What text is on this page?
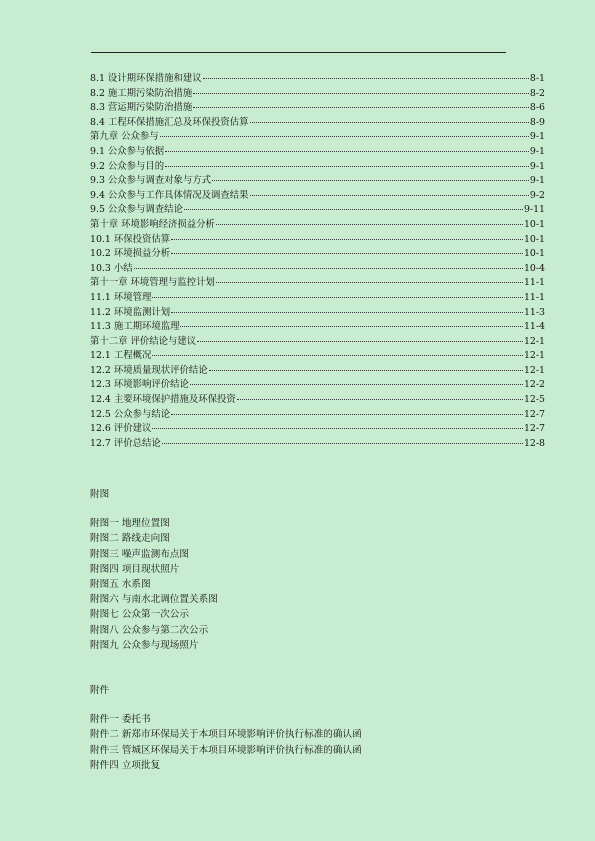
8.1 设计期环保措施和建议	8-1
8.2 施工期污染防治措施	8-2
8.3 营运期污染防治措施	8-6
8.4 工程环保措施汇总及环保投资估算	8-9
第九章 公众参与	9-1
9.1 公众参与依据	9-1
9.2 公众参与目的	9-1
9.3 公众参与调查对象与方式	9-1
9.4 公众参与工作具体情况及调查结果	9-2
9.5 公众参与调查结论	9-11
第十章 环境影响经济损益分析	10-1
10.1 环保投资估算	10-1
10.2 环境损益分析	10-1
10.3 小结	10-4
第十一章 环境管理与监控计划	11-1
11.1 环境管理	11-1
11.2 环境监测计划	11-3
11.3 施工期环境监理	11-4
第十二章 评价结论与建议	12-1
12.1 工程概况	12-1
12.2 环境质量现状评价结论	12-1
12.3 环境影响评价结论	12-2
12.4 主要环境保护措施及环保投资	12-5
12.5 公众参与结论	12-7
12.6 评价建议	12-7
12.7 评价总结论	12-8
附图
附图一 地理位置图
附图二 路线走向图
附图三 噪声监测布点图
附图四 项目现状照片
附图五 水系图
附图六 与南水北调位置关系图
附图七 公众第一次公示
附图八 公众参与第二次公示
附图九 公众参与现场照片
附件
附件一 委托书
附件二 新郑市环保局关于本项目环境影响评价执行标准的确认函
附件三 管城区环保局关于本项目环境影响评价执行标准的确认函
附件四 立项批复
